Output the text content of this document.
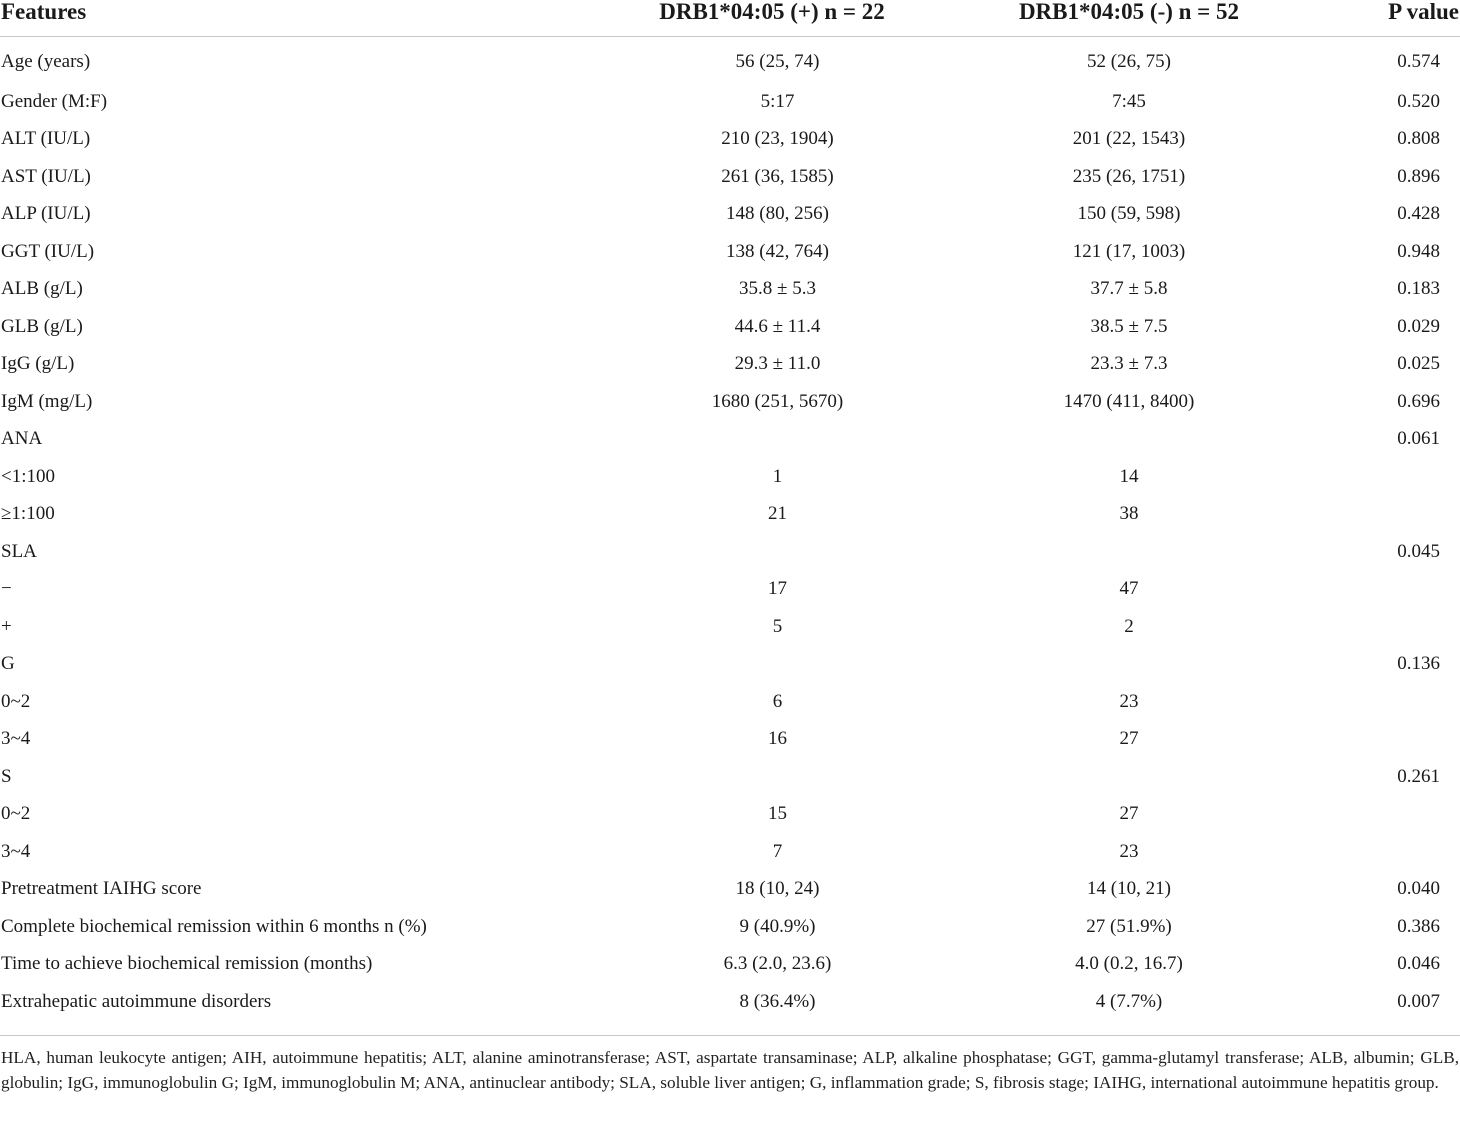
Features	DRB1*04:05 (+) n = 22	DRB1*04:05 (-) n = 52	P value
Age (years)	56 (25, 74)	52 (26, 75)	0.574
Gender (M:F)	5:17	7:45	0.520
ALT (IU/L)	210 (23, 1904)	201 (22, 1543)	0.808
AST (IU/L)	261 (36, 1585)	235 (26, 1751)	0.896
ALP (IU/L)	148 (80, 256)	150 (59, 598)	0.428
GGT (IU/L)	138 (42, 764)	121 (17, 1003)	0.948
ALB (g/L)	35.8 ± 5.3	37.7 ± 5.8	0.183
GLB (g/L)	44.6 ± 11.4	38.5 ± 7.5	0.029
IgG (g/L)	29.3 ± 11.0	23.3 ± 7.3	0.025
IgM (mg/L)	1680 (251, 5670)	1470 (411, 8400)	0.696
ANA			0.061
<1:100	1	14	
≥1:100	21	38	
SLA			0.045
−	17	47	
+	5	2	
G			0.136
0~2	6	23	
3~4	16	27	
S			0.261
0~2	15	27	
3~4	7	23	
Pretreatment IAIHG score	18 (10, 24)	14 (10, 21)	0.040
Complete biochemical remission within 6 months n (%)	9 (40.9%)	27 (51.9%)	0.386
Time to achieve biochemical remission (months)	6.3 (2.0, 23.6)	4.0 (0.2, 16.7)	0.046
Extrahepatic autoimmune disorders	8 (36.4%)	4 (7.7%)	0.007
HLA, human leukocyte antigen; AIH, autoimmune hepatitis; ALT, alanine aminotransferase; AST, aspartate transaminase; ALP, alkaline phosphatase; GGT, gamma-glutamyl transferase; ALB, albumin; GLB, globulin; IgG, immunoglobulin G; IgM, immunoglobulin M; ANA, antinuclear antibody; SLA, soluble liver antigen; G, inflammation grade; S, fibrosis stage; IAIHG, international autoimmune hepatitis group.
